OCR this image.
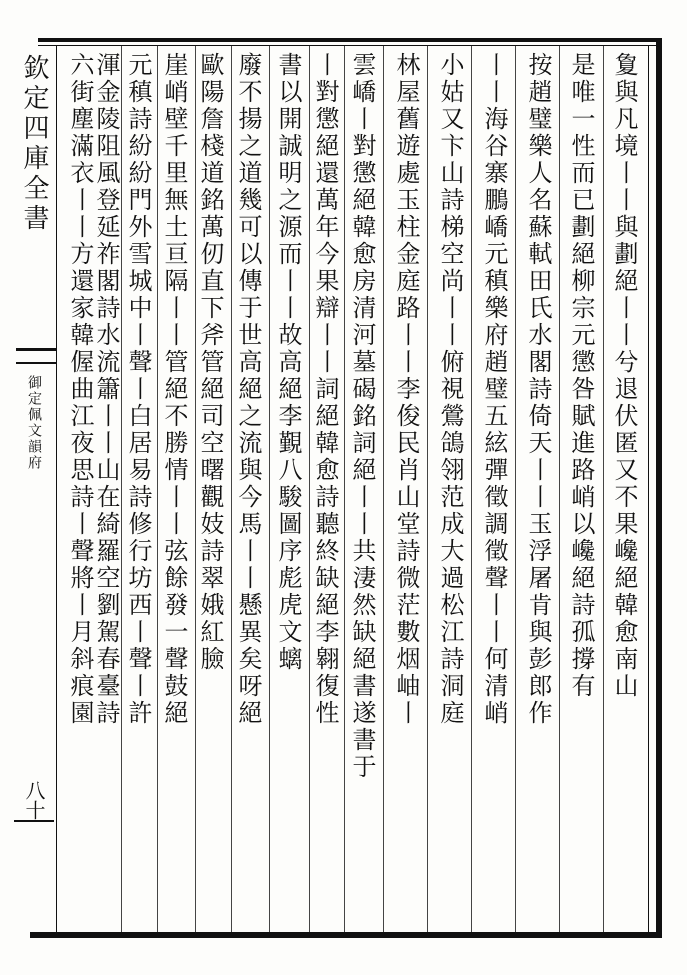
欽定四庫全書
御定佩文韻府
八十
夐與凡境丨丨與劃絕丨丨兮退伏匿又不果巉絕韓愈南山
是唯一性而已劃絕柳宗元懲咎賦進路峭以巉絕詩孤撐有
按趙璧樂人名蘇軾田氏水閣詩倚天丨丨玉浮屠肯與彭郎作
丨丨海谷寨鵬嶠元稹樂府趙璧五絃彈徵調徵聲丨丨何清峭
小姑又卞山詩梯空尚丨丨俯視鶯鴿翎范成大過松江詩洞庭
林屋舊遊處玉柱金庭路丨丨李俊民肖山堂詩微茫數烟岫丨
雲嶠丨對懲絕韓愈房清河墓碣銘詞絕丨丨共淒然缺絕書遂書于
丨對懲絕還萬年今果辯丨丨詞絕韓愈詩聽終缺絕李翱復性
書以開誠明之源而丨丨故高絕李覲八駿圖序彪虎文螭
廢不揚之道幾可以傳于世高絕之流與今馬丨丨懸異矣呀絕
歐陽詹棧道銘萬仞直下斧管絕司空曙觀妓詩翠娥紅臉
崖峭壁千里無土亘隔丨丨管絕不勝情丨丨弦餘發一聲鼓絕
元稹詩紛紛門外雪城中丨聲丨白居易詩修行坊西丨聲丨許
渾金陵阻風登延祚閣詩水流簫丨丨山在綺羅空劉駕春臺詩
六街塵滿衣丨丨方還家韓偓曲江夜思詩丨聲將丨月斜痕園
